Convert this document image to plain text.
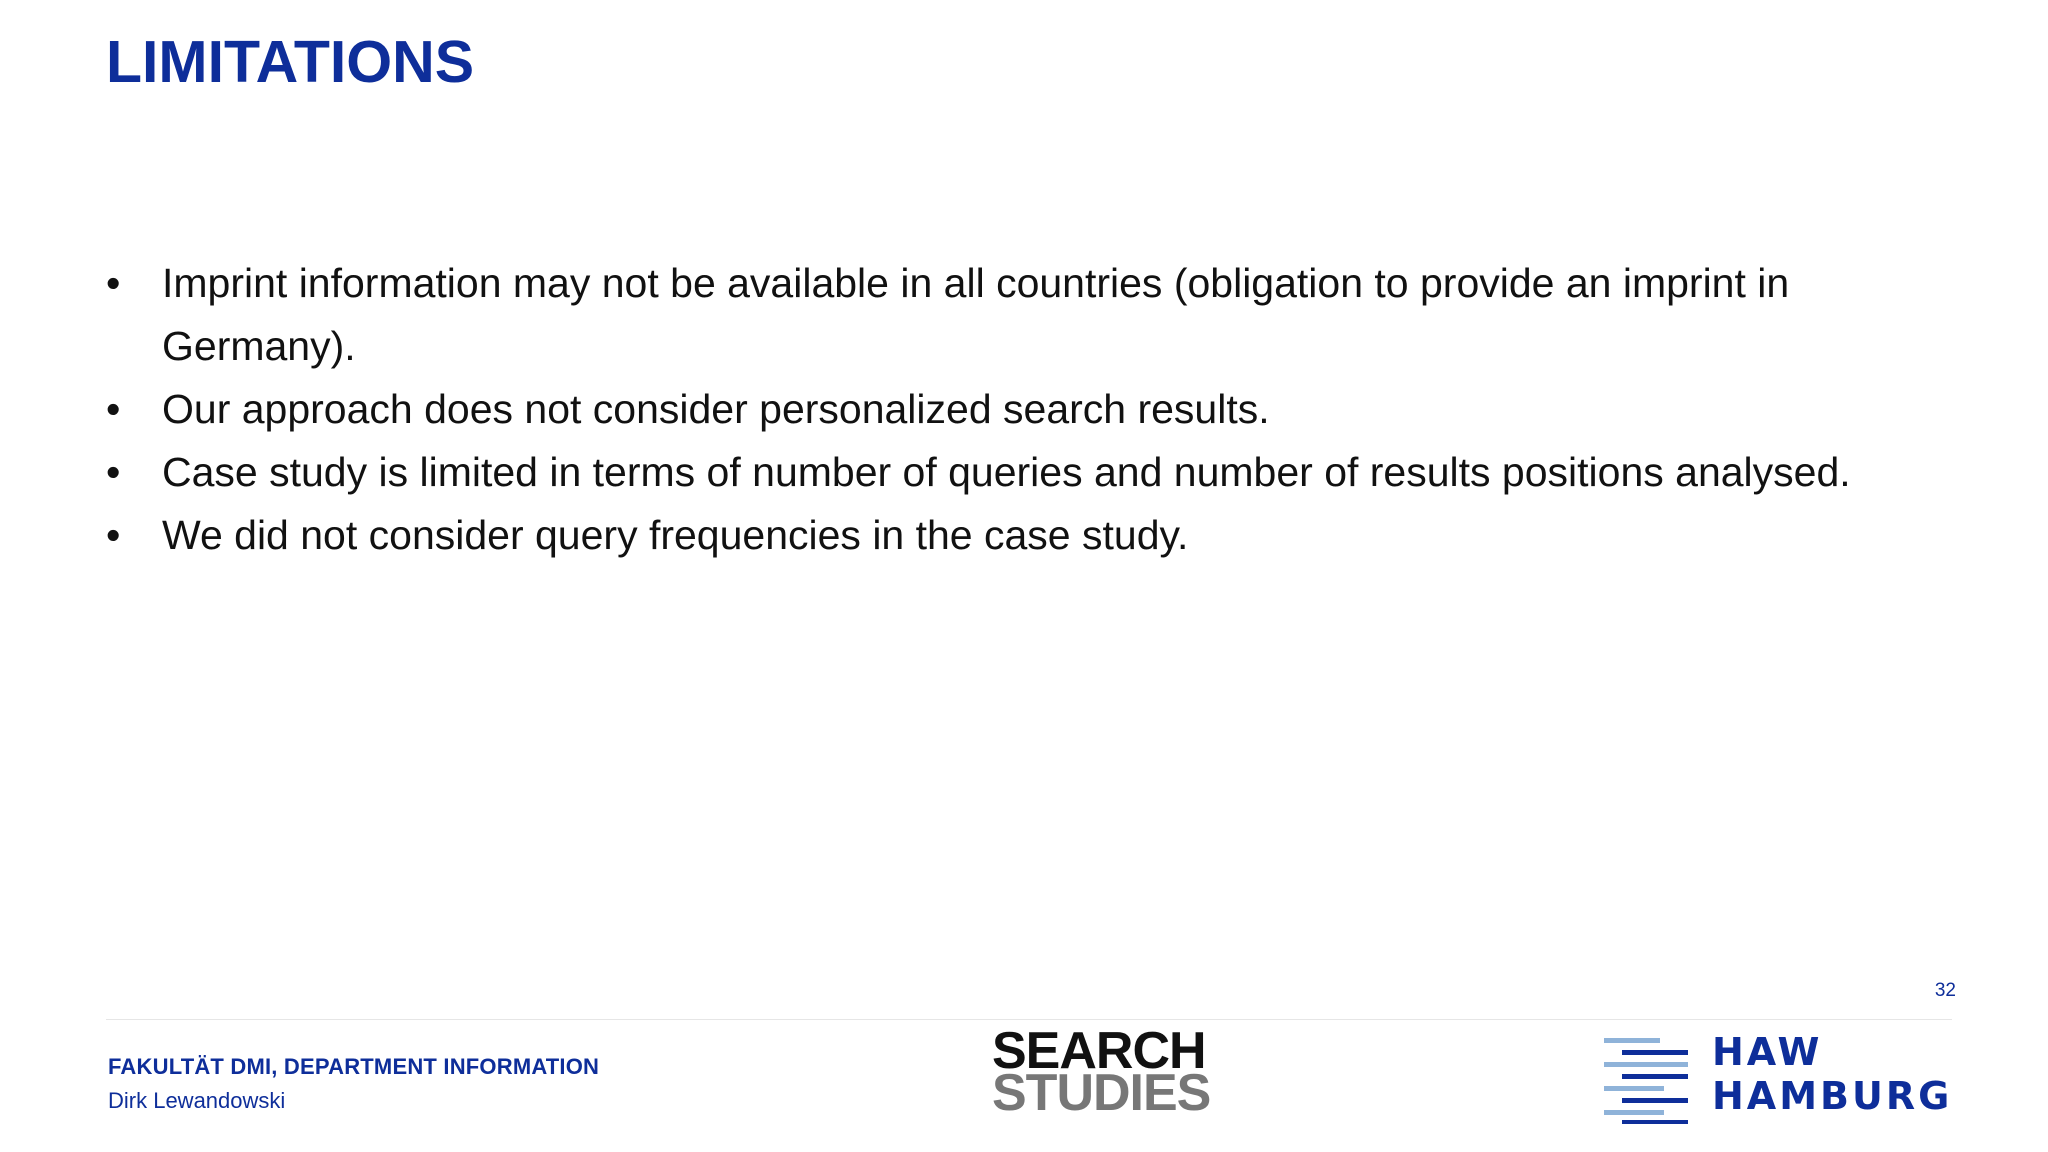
LIMITATIONS
• Imprint information may not be available in all countries (obligation to provide an imprint in Germany).
• Our approach does not consider personalized search results.
• Case study is limited in terms of number of queries and number of results positions analysed.
• We did not consider query frequencies in the case study.
32
FAKULTÄT DMI, DEPARTMENT INFORMATION
Dirk Lewandowski
SEARCH
STUDIES
HAW
HAMBURG
